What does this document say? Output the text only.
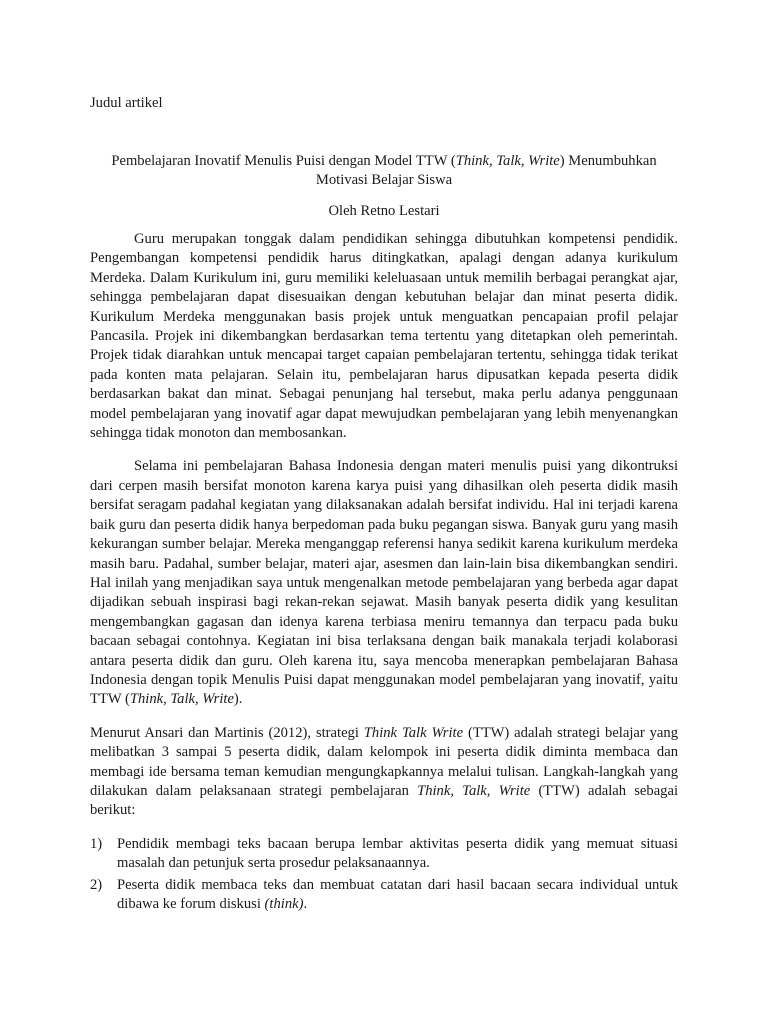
Judul artikel

Pembelajaran Inovatif Menulis Puisi dengan Model TTW (Think, Talk, Write) Menumbuhkan Motivasi Belajar Siswa

Oleh Retno Lestari

Guru merupakan tonggak dalam pendidikan sehingga dibutuhkan kompetensi pendidik. Pengembangan kompetensi pendidik harus ditingkatkan, apalagi dengan adanya kurikulum Merdeka. Dalam Kurikulum ini, guru memiliki keleluasaan untuk memilih berbagai perangkat ajar, sehingga pembelajaran dapat disesuaikan dengan kebutuhan belajar dan minat peserta didik. Kurikulum Merdeka menggunakan basis projek untuk menguatkan pencapaian profil pelajar Pancasila. Projek ini dikembangkan berdasarkan tema tertentu yang ditetapkan oleh pemerintah. Projek tidak diarahkan untuk mencapai target capaian pembelajaran tertentu, sehingga tidak terikat pada konten mata pelajaran. Selain itu, pembelajaran harus dipusatkan kepada peserta didik berdasarkan bakat dan minat. Sebagai penunjang hal tersebut, maka perlu adanya penggunaan model pembelajaran yang inovatif agar dapat mewujudkan pembelajaran yang lebih menyenangkan sehingga tidak monoton dan membosankan.

Selama ini pembelajaran Bahasa Indonesia dengan materi menulis puisi yang dikontruksi dari cerpen masih bersifat monoton karena karya puisi yang dihasilkan oleh peserta didik masih bersifat seragam padahal kegiatan yang dilaksanakan adalah bersifat individu. Hal ini terjadi karena baik guru dan peserta didik hanya berpedoman pada buku pegangan siswa. Banyak guru yang masih kekurangan sumber belajar. Mereka menganggap referensi hanya sedikit karena kurikulum merdeka masih baru. Padahal, sumber belajar, materi ajar, asesmen dan lain-lain bisa dikembangkan sendiri. Hal inilah yang menjadikan saya untuk mengenalkan metode pembelajaran yang berbeda agar dapat dijadikan sebuah inspirasi bagi rekan-rekan sejawat. Masih banyak peserta didik yang kesulitan mengembangkan gagasan dan idenya karena terbiasa meniru temannya dan terpacu pada buku bacaan sebagai contohnya. Kegiatan ini bisa terlaksana dengan baik manakala terjadi kolaborasi antara peserta didik dan guru. Oleh karena itu, saya mencoba menerapkan pembelajaran Bahasa Indonesia dengan topik Menulis Puisi dapat menggunakan model pembelajaran yang inovatif, yaitu TTW (Think, Talk, Write).

Menurut Ansari dan Martinis (2012), strategi Think Talk Write (TTW) adalah strategi belajar yang melibatkan 3 sampai 5 peserta didik, dalam kelompok ini peserta didik diminta membaca dan membagi ide bersama teman kemudian mengungkapkannya melalui tulisan. Langkah-langkah yang dilakukan dalam pelaksanaan strategi pembelajaran Think, Talk, Write (TTW) adalah sebagai berikut:

1) Pendidik membagi teks bacaan berupa lembar aktivitas peserta didik yang memuat situasi masalah dan petunjuk serta prosedur pelaksanaannya.
2) Peserta didik membaca teks dan membuat catatan dari hasil bacaan secara individual untuk dibawa ke forum diskusi (think).
